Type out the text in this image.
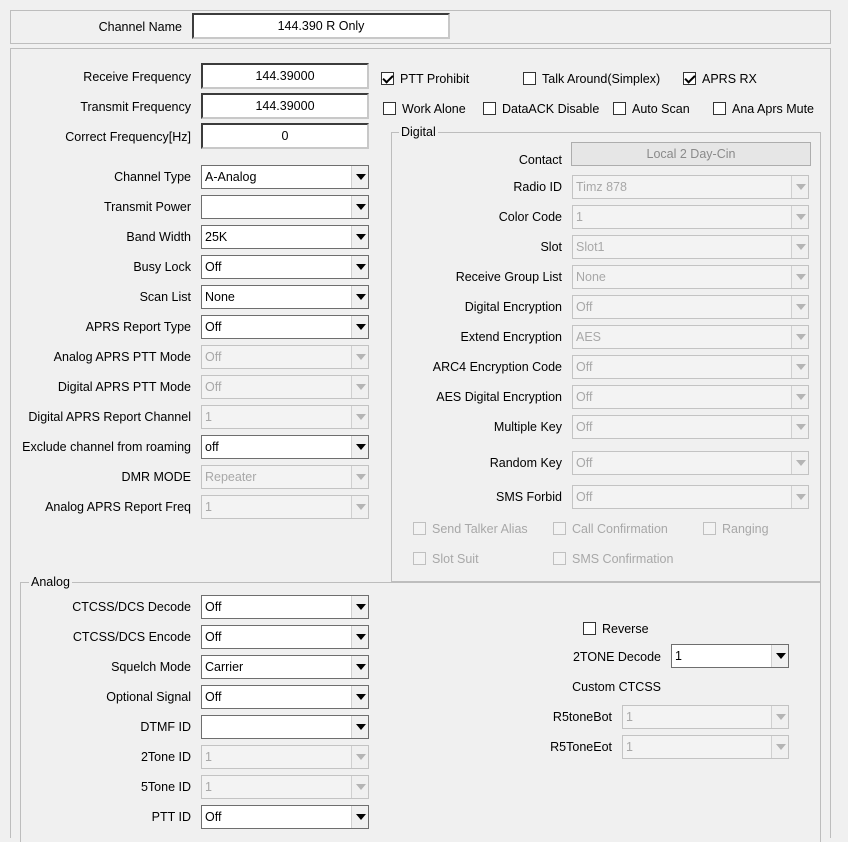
Channel Name	144.390 R Only
Receive Frequency	144.39000
Transmit Frequency	144.39000
Correct Frequency[Hz]	0
PTT Prohibit	Talk Around(Simplex)	APRS RX
Work Alone	DataACK Disable	Auto Scan	Ana Aprs Mute
Channel Type A-Analog
Transmit Power
Band Width 25K
Busy Lock Off
Scan List None
APRS Report Type Off
Analog APRS PTT Mode Off
Digital APRS PTT Mode Off
Digital APRS Report Channel 1
Exclude channel from roaming off
DMR MODE Repeater
Analog APRS Report Freq 1
Digital
Contact	Local 2 Day-Cin
Radio ID Timz 878
Color Code 1
Slot Slot1
Receive Group List None
Digital Encryption Off
Extend Encryption AES
ARC4 Encryption Code Off
AES Digital Encryption Off
Multiple Key Off
Random Key Off
SMS Forbid Off
Send Talker Alias	Call Confirmation	Ranging
Slot Suit	SMS Confirmation
Analog
CTCSS/DCS Decode Off
CTCSS/DCS Encode Off
Squelch Mode Carrier
Optional Signal Off
DTMF ID
2Tone ID 1
5Tone ID 1
PTT ID Off
Reverse
2TONE Decode 1
Custom CTCSS
R5toneBot 1
R5ToneEot 1
